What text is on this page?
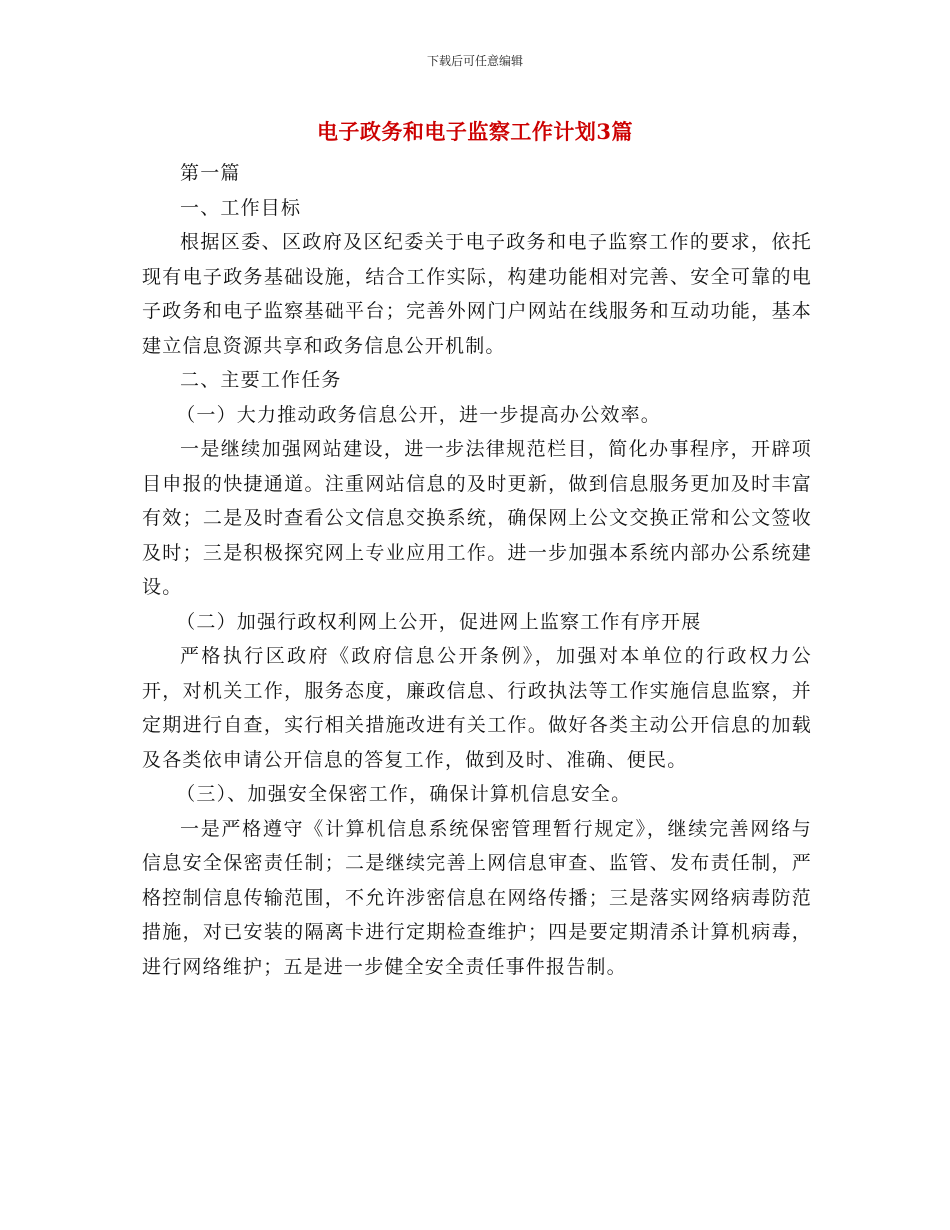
下载后可任意编辑
电子政务和电子监察工作计划3篇

第一篇

一、工作目标

根据区委、区政府及区纪委关于电子政务和电子监察工作的要求，依托现有电子政务基础设施，结合工作实际，构建功能相对完善、安全可靠的电子政务和电子监察基础平台；完善外网门户网站在线服务和互动功能，基本建立信息资源共享和政务信息公开机制。

二、主要工作任务

（一）大力推动政务信息公开，进一步提高办公效率。

一是继续加强网站建设，进一步法律规范栏目，简化办事程序，开辟项目申报的快捷通道。注重网站信息的及时更新，做到信息服务更加及时丰富有效；二是及时查看公文信息交换系统，确保网上公文交换正常和公文签收及时；三是积极探究网上专业应用工作。进一步加强本系统内部办公系统建设。

（二）加强行政权利网上公开，促进网上监察工作有序开展

严格执行区政府《政府信息公开条例》，加强对本单位的行政权力公开，对机关工作，服务态度，廉政信息、行政执法等工作实施信息监察，并定期进行自查，实行相关措施改进有关工作。做好各类主动公开信息的加载及各类依申请公开信息的答复工作，做到及时、准确、便民。

（三）、加强安全保密工作，确保计算机信息安全。

一是严格遵守《计算机信息系统保密管理暂行规定》，继续完善网络与信息安全保密责任制；二是继续完善上网信息审查、监管、发布责任制，严格控制信息传输范围，不允许涉密信息在网络传播；三是落实网络病毒防范措施，对已安装的隔离卡进行定期检查维护；四是要定期清杀计算机病毒，进行网络维护；五是进一步健全安全责任事件报告制。
